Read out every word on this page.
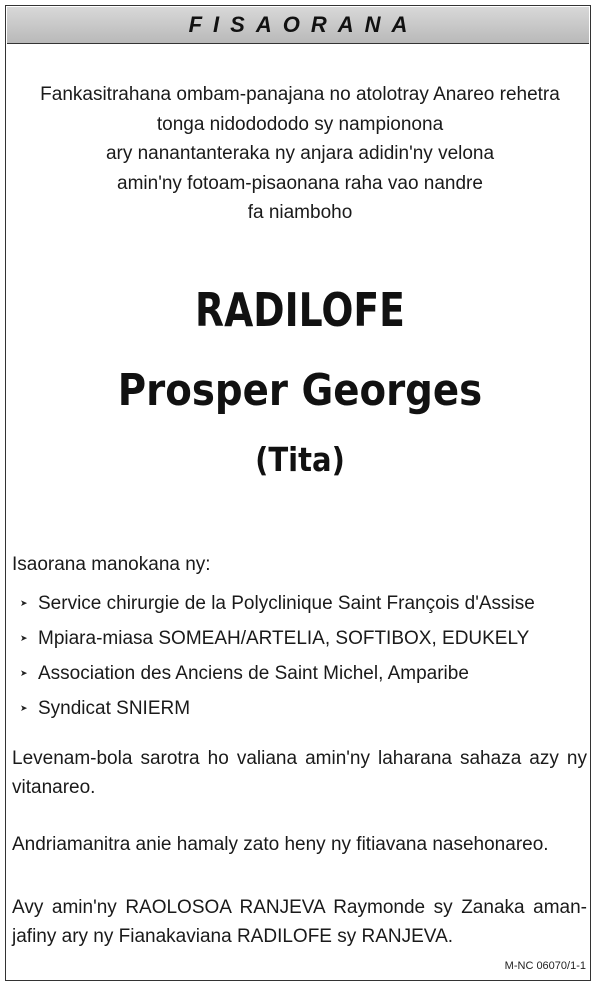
FISAORANA
Fankasitrahana ombam-panajana no atolotray Anareo rehetra
tonga nidodododo sy nampionona
ary nanantanteraka ny anjara adidin'ny velona
amin'ny fotoam-pisaonana raha vao nandre
fa niamboho
RADILOFE
Prosper Georges
(Tita)
Isaorana manokana ny:
➤ Service chirurgie de la Polyclinique Saint François d'Assise
➤ Mpiara-miasa SOMEAH/ARTELIA, SOFTIBOX, EDUKELY
➤ Association des Anciens de Saint Michel, Amparibe
➤ Syndicat SNIERM
Levenam-bola sarotra ho valiana amin'ny laharana sahaza azy ny vitanareo.
Andriamanitra anie hamaly zato heny ny fitiavana nasehonareo.
Avy amin'ny RAOLOSOA RANJEVA Raymonde sy Zanaka aman-jafiny ary ny Fianakaviana RADILOFE sy RANJEVA.
M-NC 06070/1-1
